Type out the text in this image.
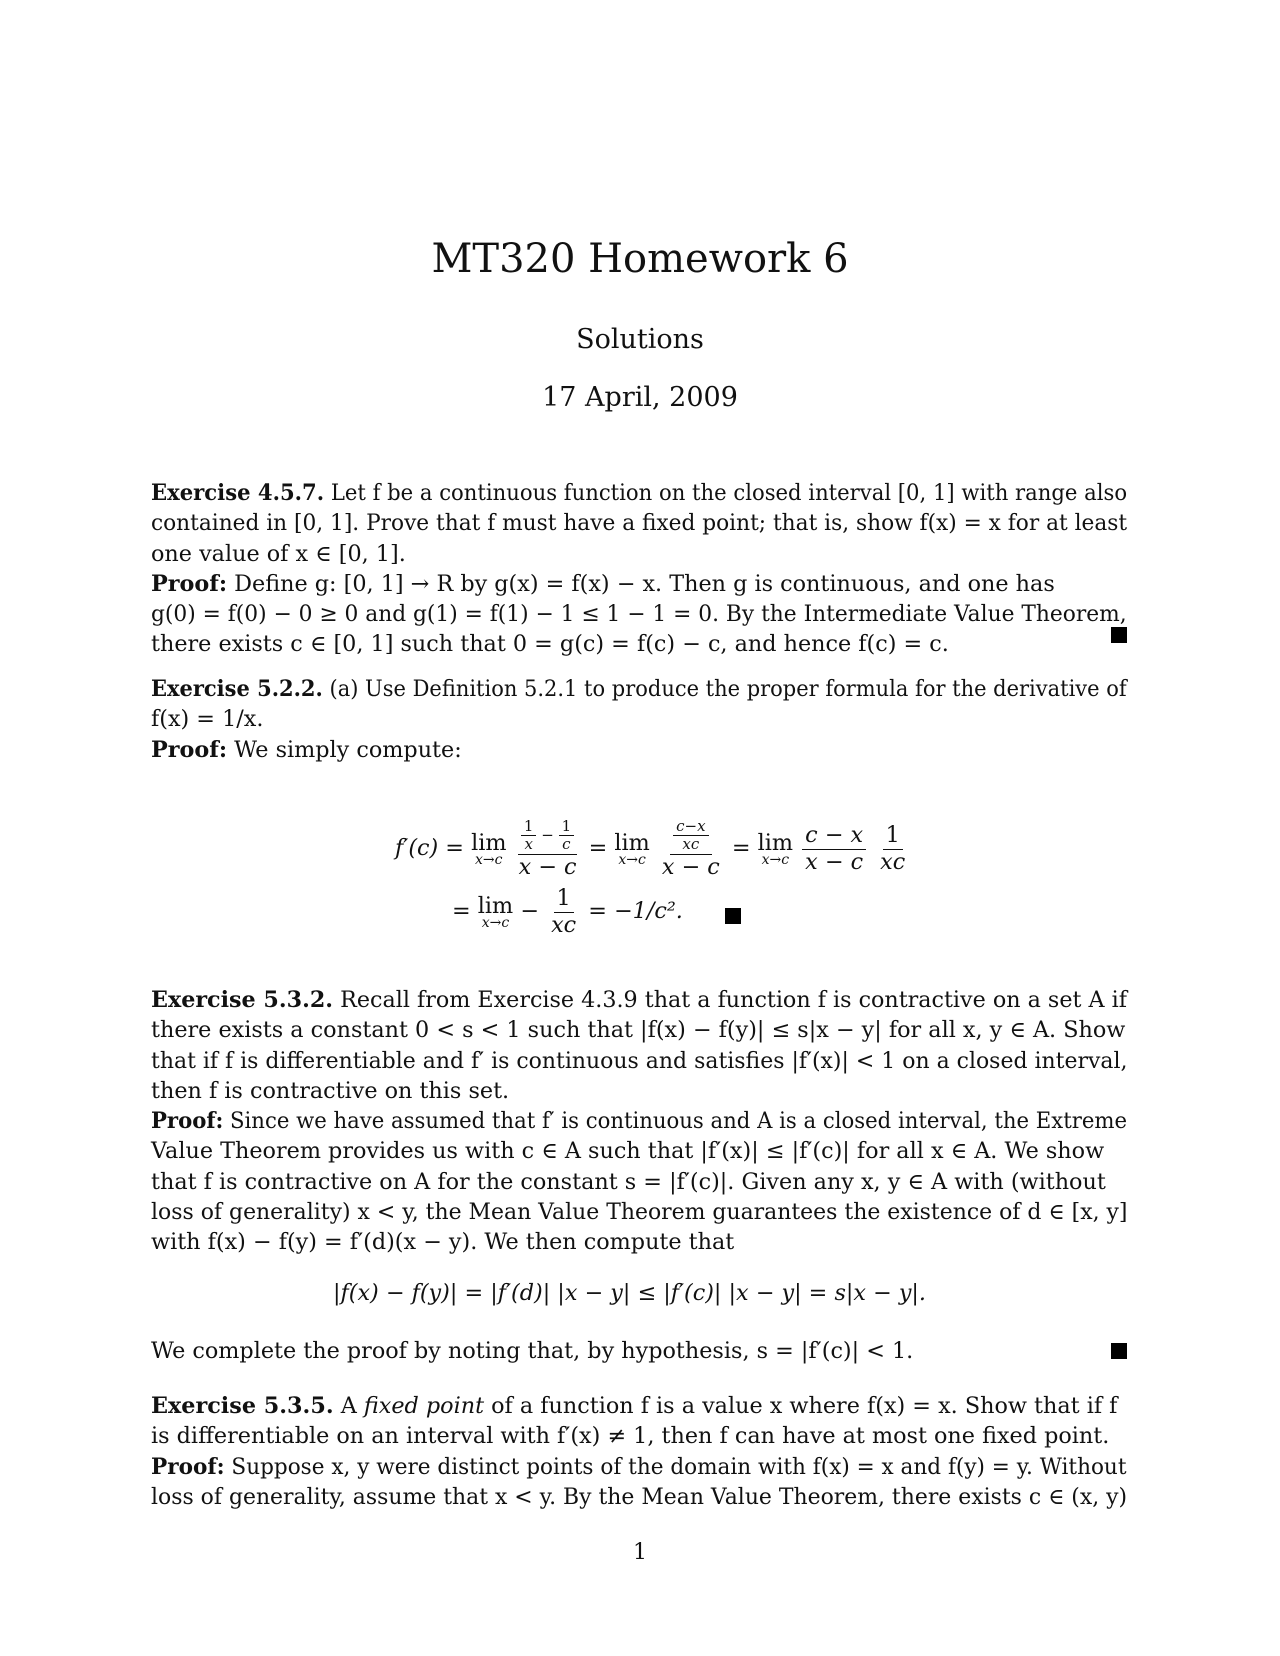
MT320 Homework 6
Solutions
17 April, 2009
Exercise 4.5.7. Let f be a continuous function on the closed interval [0, 1] with range also
contained in [0, 1]. Prove that f must have a fixed point; that is, show f(x) = x for at least
one value of x ∈ [0, 1].
Proof: Define g: [0, 1] → R by g(x) = f(x) − x. Then g is continuous, and one has
g(0) = f(0) − 0 ≥ 0 and g(1) = f(1) − 1 ≤ 1 − 1 = 0. By the Intermediate Value Theorem,
there exists c ∈ [0, 1] such that 0 = g(c) = f(c) − c, and hence f(c) = c.
Exercise 5.2.2. (a) Use Definition 5.2.1 to produce the proper formula for the derivative of
f(x) = 1/x.
Proof: We simply compute:
f′(c) = lim
x→c
$\frac{\frac{1}{x} - \frac{1}{c}}{x - c} = \lim$
x→c
$\frac{\frac{c-x}{xc}}{x - c} = \lim$
x→c
$\frac{c - x}{x - c}$
$\frac{1}{xc}$
= lim
$x\to c - \frac{1}{xc} = -1/c^2$.
Exercise 5.3.2. Recall from Exercise 4.3.9 that a function f is contractive on a set A if
there exists a constant 0 < s < 1 such that |f(x) − f(y)| ≤ s|x − y| for all x, y ∈ A. Show
that if f is differentiable and f′ is continuous and satisfies |f′(x)| < 1 on a closed interval,
then f is contractive on this set.
Proof: Since we have assumed that f′ is continuous and A is a closed interval, the Extreme
Value Theorem provides us with c ∈ A such that |f′(x)| ≤ |f′(c)| for all x ∈ A. We show
that f is contractive on A for the constant s = |f′(c)|. Given any x, y ∈ A with (without
loss of generality) x < y, the Mean Value Theorem guarantees the existence of d ∈ [x, y]
with f(x) − f(y) = f′(d)(x − y). We then compute that
|f(x) − f(y)| = |f′(d)| |x − y| ≤ |f′(c)| |x − y| = s|x − y|.
We complete the proof by noting that, by hypothesis, s = |f′(c)| < 1.
Exercise 5.3.5. A fixed point of a function f is a value x where f(x) = x. Show that if f
is differentiable on an interval with f′(x) ≠ 1, then f can have at most one fixed point.
Proof: Suppose x, y were distinct points of the domain with f(x) = x and f(y) = y. Without
loss of generality, assume that x < y. By the Mean Value Theorem, there exists c ∈ (x, y)
1
